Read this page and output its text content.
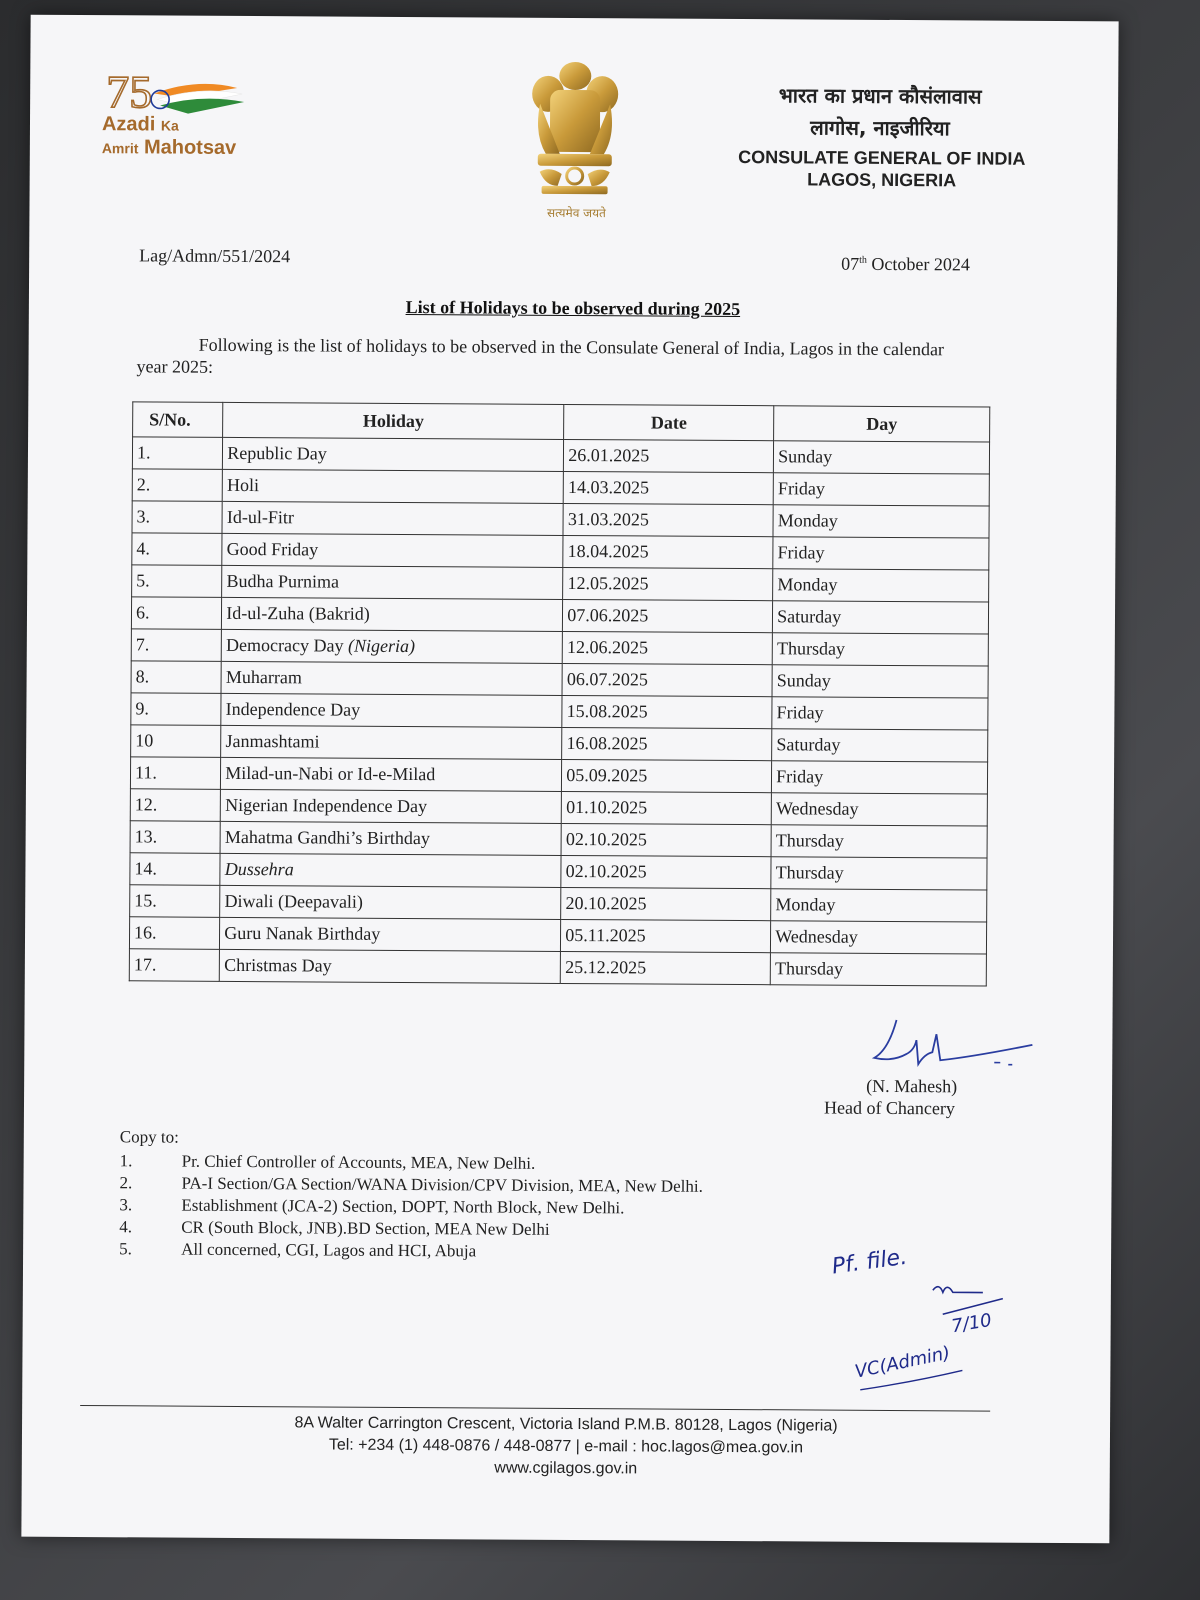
75
Azadi Ka
Amrit Mahotsav
सत्यमेव जयते
भारत का प्रधान कौसंलावास
लागोस, नाइजीरिया
CONSULATE GENERAL OF INDIA
LAGOS, NIGERIA
Lag/Admn/551/2024	07th October 2024
List of Holidays to be observed during 2025
Following is the list of holidays to be observed in the Consulate General of India, Lagos in the calendar year 2025:
S/No.	Holiday	Date	Day
1.	Republic Day	26.01.2025	Sunday
2.	Holi	14.03.2025	Friday
3.	Id-ul-Fitr	31.03.2025	Monday
4.	Good Friday	18.04.2025	Friday
5.	Budha Purnima	12.05.2025	Monday
6.	Id-ul-Zuha (Bakrid)	07.06.2025	Saturday
7.	Democracy Day (Nigeria)	12.06.2025	Thursday
8.	Muharram	06.07.2025	Sunday
9.	Independence Day	15.08.2025	Friday
10	Janmashtami	16.08.2025	Saturday
11.	Milad-un-Nabi or Id-e-Milad	05.09.2025	Friday
12.	Nigerian Independence Day	01.10.2025	Wednesday
13.	Mahatma Gandhi’s Birthday	02.10.2025	Thursday
14.	Dussehra	02.10.2025	Thursday
15.	Diwali (Deepavali)	20.10.2025	Monday
16.	Guru Nanak Birthday	05.11.2025	Wednesday
17.	Christmas Day	25.12.2025	Thursday
(N. Mahesh)
Head of Chancery
Copy to:
1.	Pr. Chief Controller of Accounts, MEA, New Delhi.
2.	PA-I Section/GA Section/WANA Division/CPV Division, MEA, New Delhi.
3.	Establishment (JCA-2) Section, DOPT, North Block, New Delhi.
4.	CR (South Block, JNB).BD Section, MEA New Delhi
5.	All concerned, CGI, Lagos and HCI, Abuja	Pf. file.
7/10
VC(Admin)
8A Walter Carrington Crescent, Victoria Island P.M.B. 80128, Lagos (Nigeria)
Tel: +234 (1) 448-0876 / 448-0877 | e-mail : hoc.lagos@mea.gov.in
www.cgilagos.gov.in
